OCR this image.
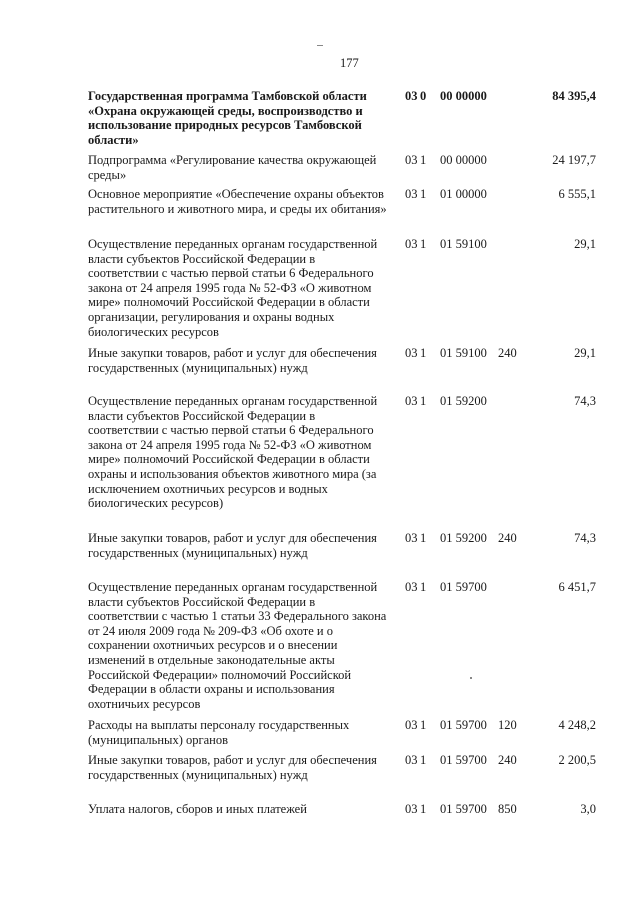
177
Государственная программа Тамбовской области «Охрана окружающей среды, воспроизводство и использование природных ресурсов Тамбовской области»
03 0 00 00000	84 395,4
Подпрограмма «Регулирование качества окружающей среды»
03 1 00 00000	24 197,7
Основное мероприятие «Обеспечение охраны объектов растительного и животного мира, и среды их обитания»
03 1 01 00000	6 555,1
Осуществление переданных органам государственной власти субъектов Российской Федерации в соответствии с частью первой статьи 6 Федерального закона от 24 апреля 1995 года № 52-ФЗ «О животном мире» полномочий Российской Федерации в области организации, регулирования и охраны водных биологических ресурсов
03 1 01 59100	29,1
Иные закупки товаров, работ и услуг для обеспечения государственных (муниципальных) нужд
03 1 01 59100 240	29,1
Осуществление переданных органам государственной власти субъектов Российской Федерации в соответствии с частью первой статьи 6 Федерального закона от 24 апреля 1995 года № 52-ФЗ «О животном мире» полномочий Российской Федерации в области охраны и использования объектов животного мира (за исключением охотничьих ресурсов и водных биологических ресурсов)
03 1 01 59200	74,3
Иные закупки товаров, работ и услуг для обеспечения государственных (муниципальных) нужд
03 1 01 59200 240	74,3
Осуществление переданных органам государственной власти субъектов Российской Федерации в соответствии с частью 1 статьи 33 Федерального закона от 24 июля 2009 года № 209-ФЗ «Об охоте и о сохранении охотничьих ресурсов и о внесении изменений в отдельные законодательные акты Российской Федерации» полномочий Российской Федерации в области охраны и использования охотничьих ресурсов
03 1 01 59700	6 451,7
Расходы на выплаты персоналу государственных (муниципальных) органов
03 1 01 59700 120	4 248,2
Иные закупки товаров, работ и услуг для обеспечения государственных (муниципальных) нужд
03 1 01 59700 240	2 200,5
Уплата налогов, сборов и иных платежей	03 1 01 59700 850	3,0
